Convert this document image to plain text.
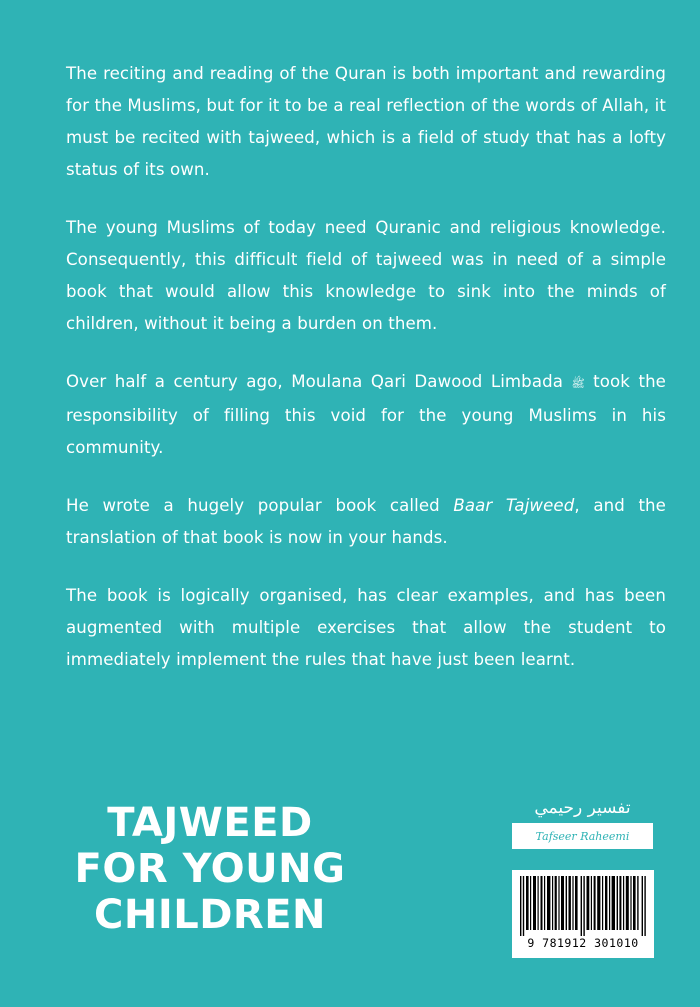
The reciting and reading of the Quran is both important and rewarding for the Muslims, but for it to be a real reflection of the words of Allah, it must be recited with tajweed, which is a field of study that has a lofty status of its own.

The young Muslims of today need Quranic and religious knowledge. Consequently, this difficult field of tajweed was in need of a simple book that would allow this knowledge to sink into the minds of children, without it being a burden on them.

Over half a century ago, Moulana Qari Dawood Limbada ﷺ took the responsibility of filling this void for the young Muslims in his community.

He wrote a hugely popular book called Baar Tajweed, and the translation of that book is now in your hands.

The book is logically organised, has clear examples, and has been augmented with multiple exercises that allow the student to immediately implement the rules that have just been learnt.

TAJWEED
FOR YOUNG
CHILDREN
تفسير رحيمي
Tafseer Raheemi
9 781912 301010
